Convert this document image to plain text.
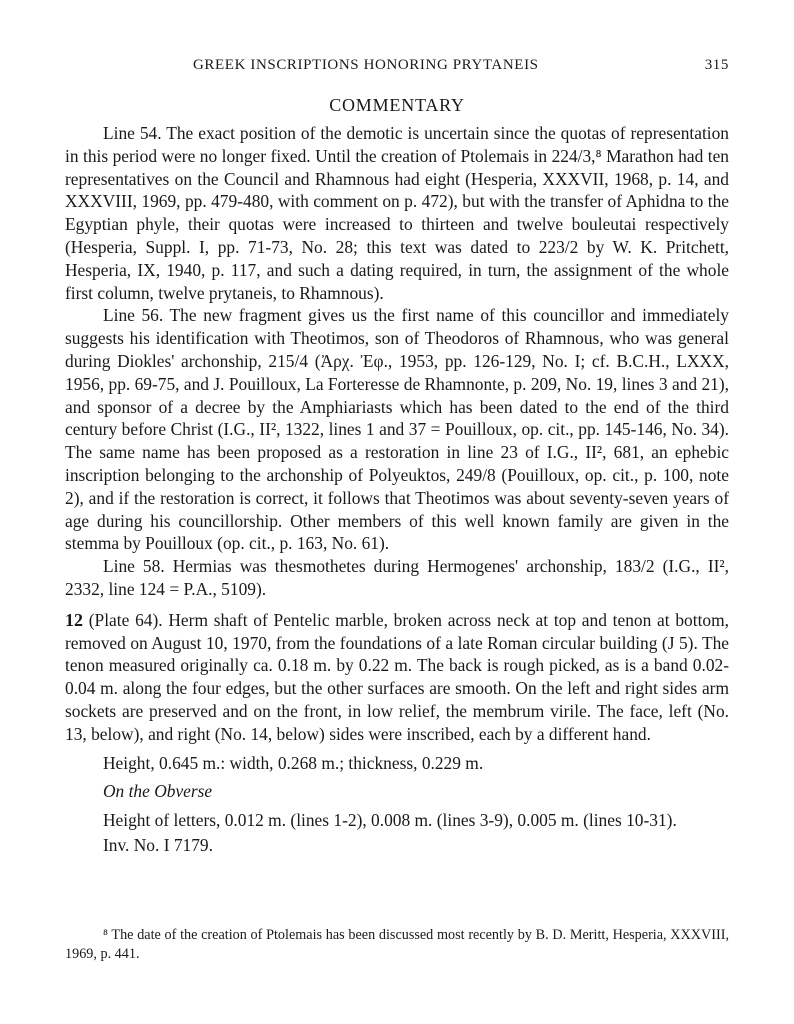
GREEK INSCRIPTIONS HONORING PRYTANEIS	315
COMMENTARY

Line 54. The exact position of the demotic is uncertain since the quotas of representation in this period were no longer fixed. Until the creation of Ptolemais in 224/3,⁸ Marathon had ten representatives on the Council and Rhamnous had eight (Hesperia, XXXVII, 1968, p. 14, and XXXVIII, 1969, pp. 479-480, with comment on p. 472), but with the transfer of Aphidna to the Egyptian phyle, their quotas were increased to thirteen and twelve bouleutai respectively (Hesperia, Suppl. I, pp. 71-73, No. 28; this text was dated to 223/2 by W. K. Pritchett, Hesperia, IX, 1940, p. 117, and such a dating required, in turn, the assignment of the whole first column, twelve prytaneis, to Rhamnous).

Line 56. The new fragment gives us the first name of this councillor and immediately suggests his identification with Theotimos, son of Theodoros of Rhamnous, who was general during Diokles' archonship, 215/4 (Ἀρχ. Ἐφ., 1953, pp. 126-129, No. I; cf. B.C.H., LXXX, 1956, pp. 69-75, and J. Pouilloux, La Forteresse de Rhamnonte, p. 209, No. 19, lines 3 and 21), and sponsor of a decree by the Amphiariasts which has been dated to the end of the third century before Christ (I.G., II², 1322, lines 1 and 37 = Pouilloux, op. cit., pp. 145-146, No. 34). The same name has been proposed as a restoration in line 23 of I.G., II², 681, an ephebic inscription belonging to the archonship of Polyeuktos, 249/8 (Pouilloux, op. cit., p. 100, note 2), and if the restoration is correct, it follows that Theotimos was about seventy-seven years of age during his councillorship. Other members of this well known family are given in the stemma by Pouilloux (op. cit., p. 163, No. 61).

Line 58. Hermias was thesmothetes during Hermogenes' archonship, 183/2 (I.G., II², 2332, line 124 = P.A., 5109).

12 (Plate 64). Herm shaft of Pentelic marble, broken across neck at top and tenon at bottom, removed on August 10, 1970, from the foundations of a late Roman circular building (J 5). The tenon measured originally ca. 0.18 m. by 0.22 m. The back is rough picked, as is a band 0.02-0.04 m. along the four edges, but the other surfaces are smooth. On the left and right sides arm sockets are preserved and on the front, in low relief, the membrum virile. The face, left (No. 13, below), and right (No. 14, below) sides were inscribed, each by a different hand.

Height, 0.645 m.: width, 0.268 m.; thickness, 0.229 m.

On the Obverse

Height of letters, 0.012 m. (lines 1-2), 0.008 m. (lines 3-9), 0.005 m. (lines 10-31).

Inv. No. I 7179.

⁸ The date of the creation of Ptolemais has been discussed most recently by B. D. Meritt, Hesperia, XXXVIII, 1969, p. 441.
